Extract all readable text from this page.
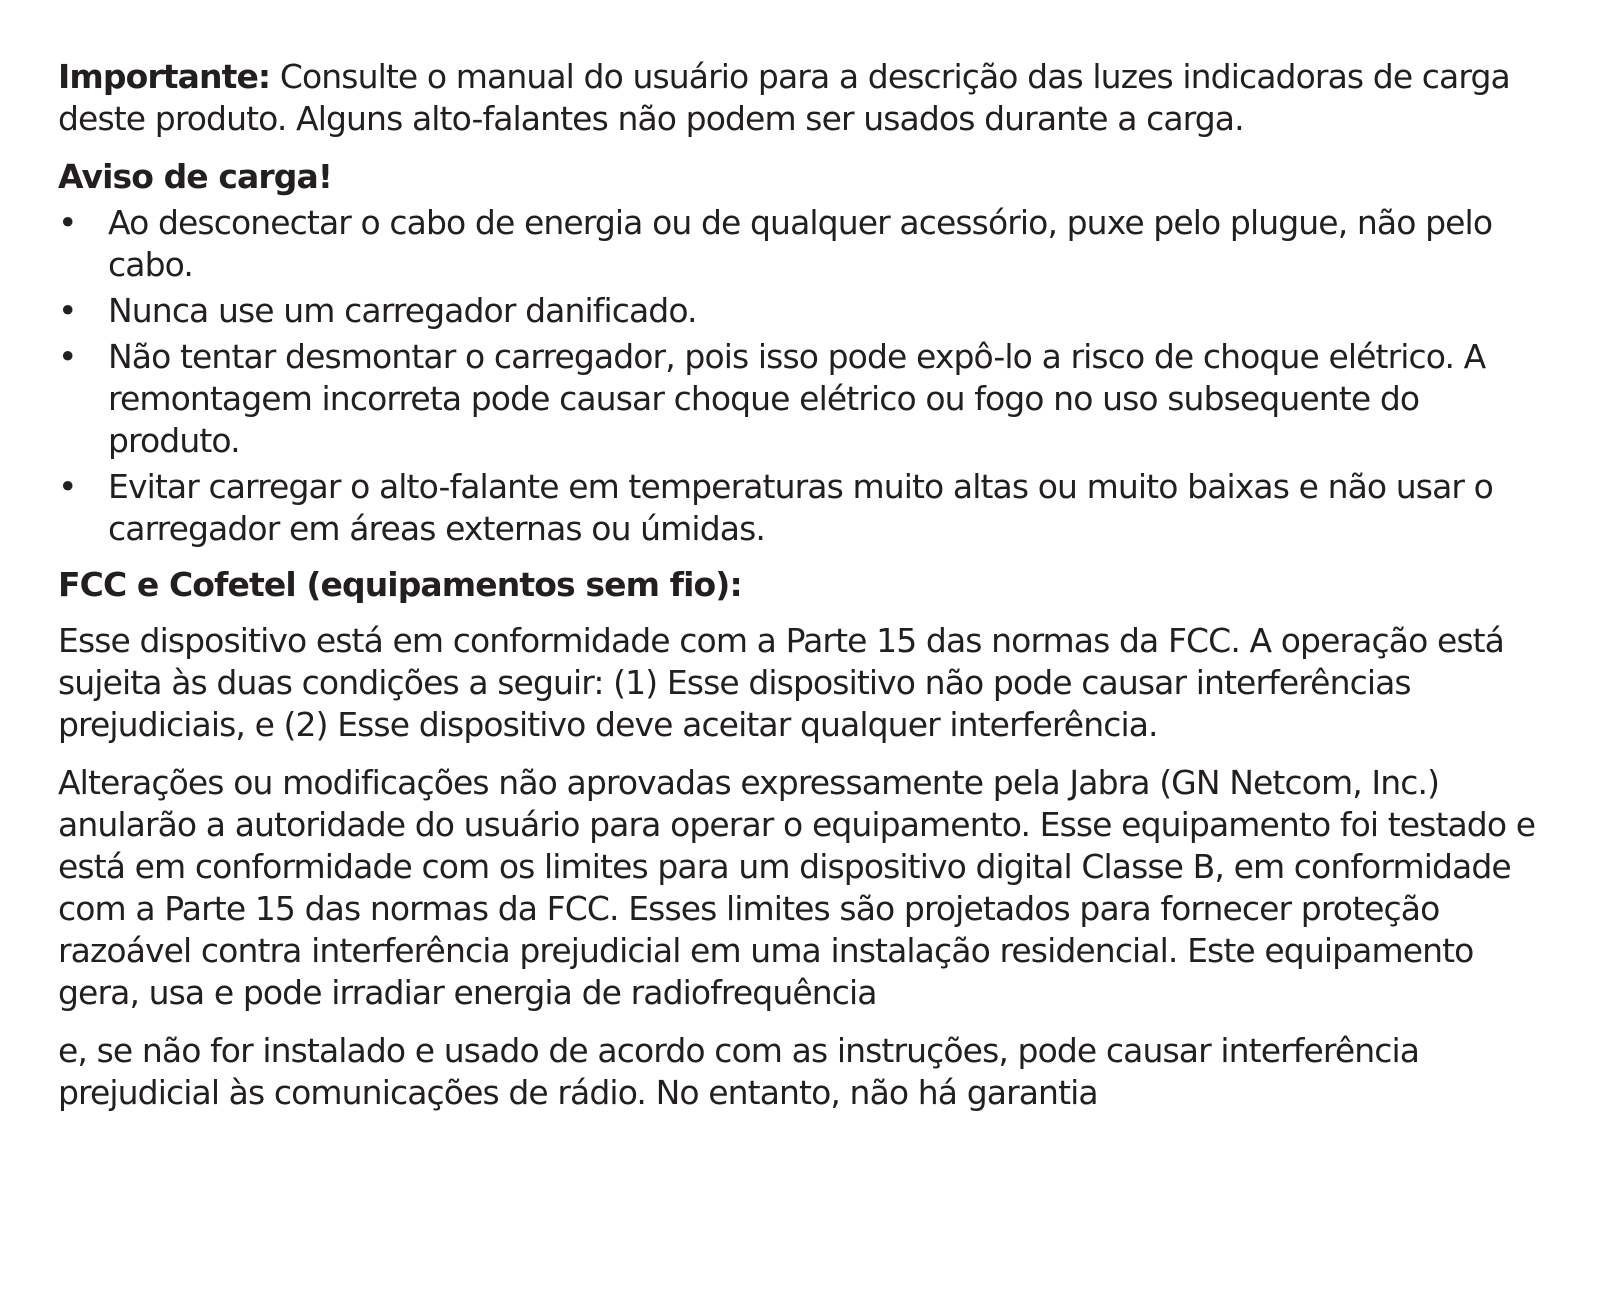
Importante: Consulte o manual do usuário para a descrição das luzes indicadoras de carga deste produto. Alguns alto-falantes não podem ser usados durante a carga.

Aviso de carga!
• Ao desconectar o cabo de energia ou de qualquer acessório, puxe pelo plugue, não pelo cabo.
• Nunca use um carregador danificado.
• Não tentar desmontar o carregador, pois isso pode expô-lo a risco de choque elétrico. A remontagem incorreta pode causar choque elétrico ou fogo no uso subsequente do produto.
• Evitar carregar o alto-falante em temperaturas muito altas ou muito baixas e não usar o carregador em áreas externas ou úmidas.
FCC e Cofetel (equipamentos sem fio):

Esse dispositivo está em conformidade com a Parte 15 das normas da FCC. A operação está sujeita às duas condições a seguir: (1) Esse dispositivo não pode causar interferências prejudiciais, e (2) Esse dispositivo deve aceitar qualquer interferência.

Alterações ou modificações não aprovadas expressamente pela Jabra (GN Netcom, Inc.) anularão a autoridade do usuário para operar o equipamento. Esse equipamento foi testado e está em conformidade com os limites para um dispositivo digital Classe B, em conformidade com a Parte 15 das normas da FCC. Esses limites são projetados para fornecer proteção razoável contra interferência prejudicial em uma instalação residencial. Este equipamento gera, usa e pode irradiar energia de radiofrequência

e, se não for instalado e usado de acordo com as instruções, pode causar interferência prejudicial às comunicações de rádio. No entanto, não há garantia
